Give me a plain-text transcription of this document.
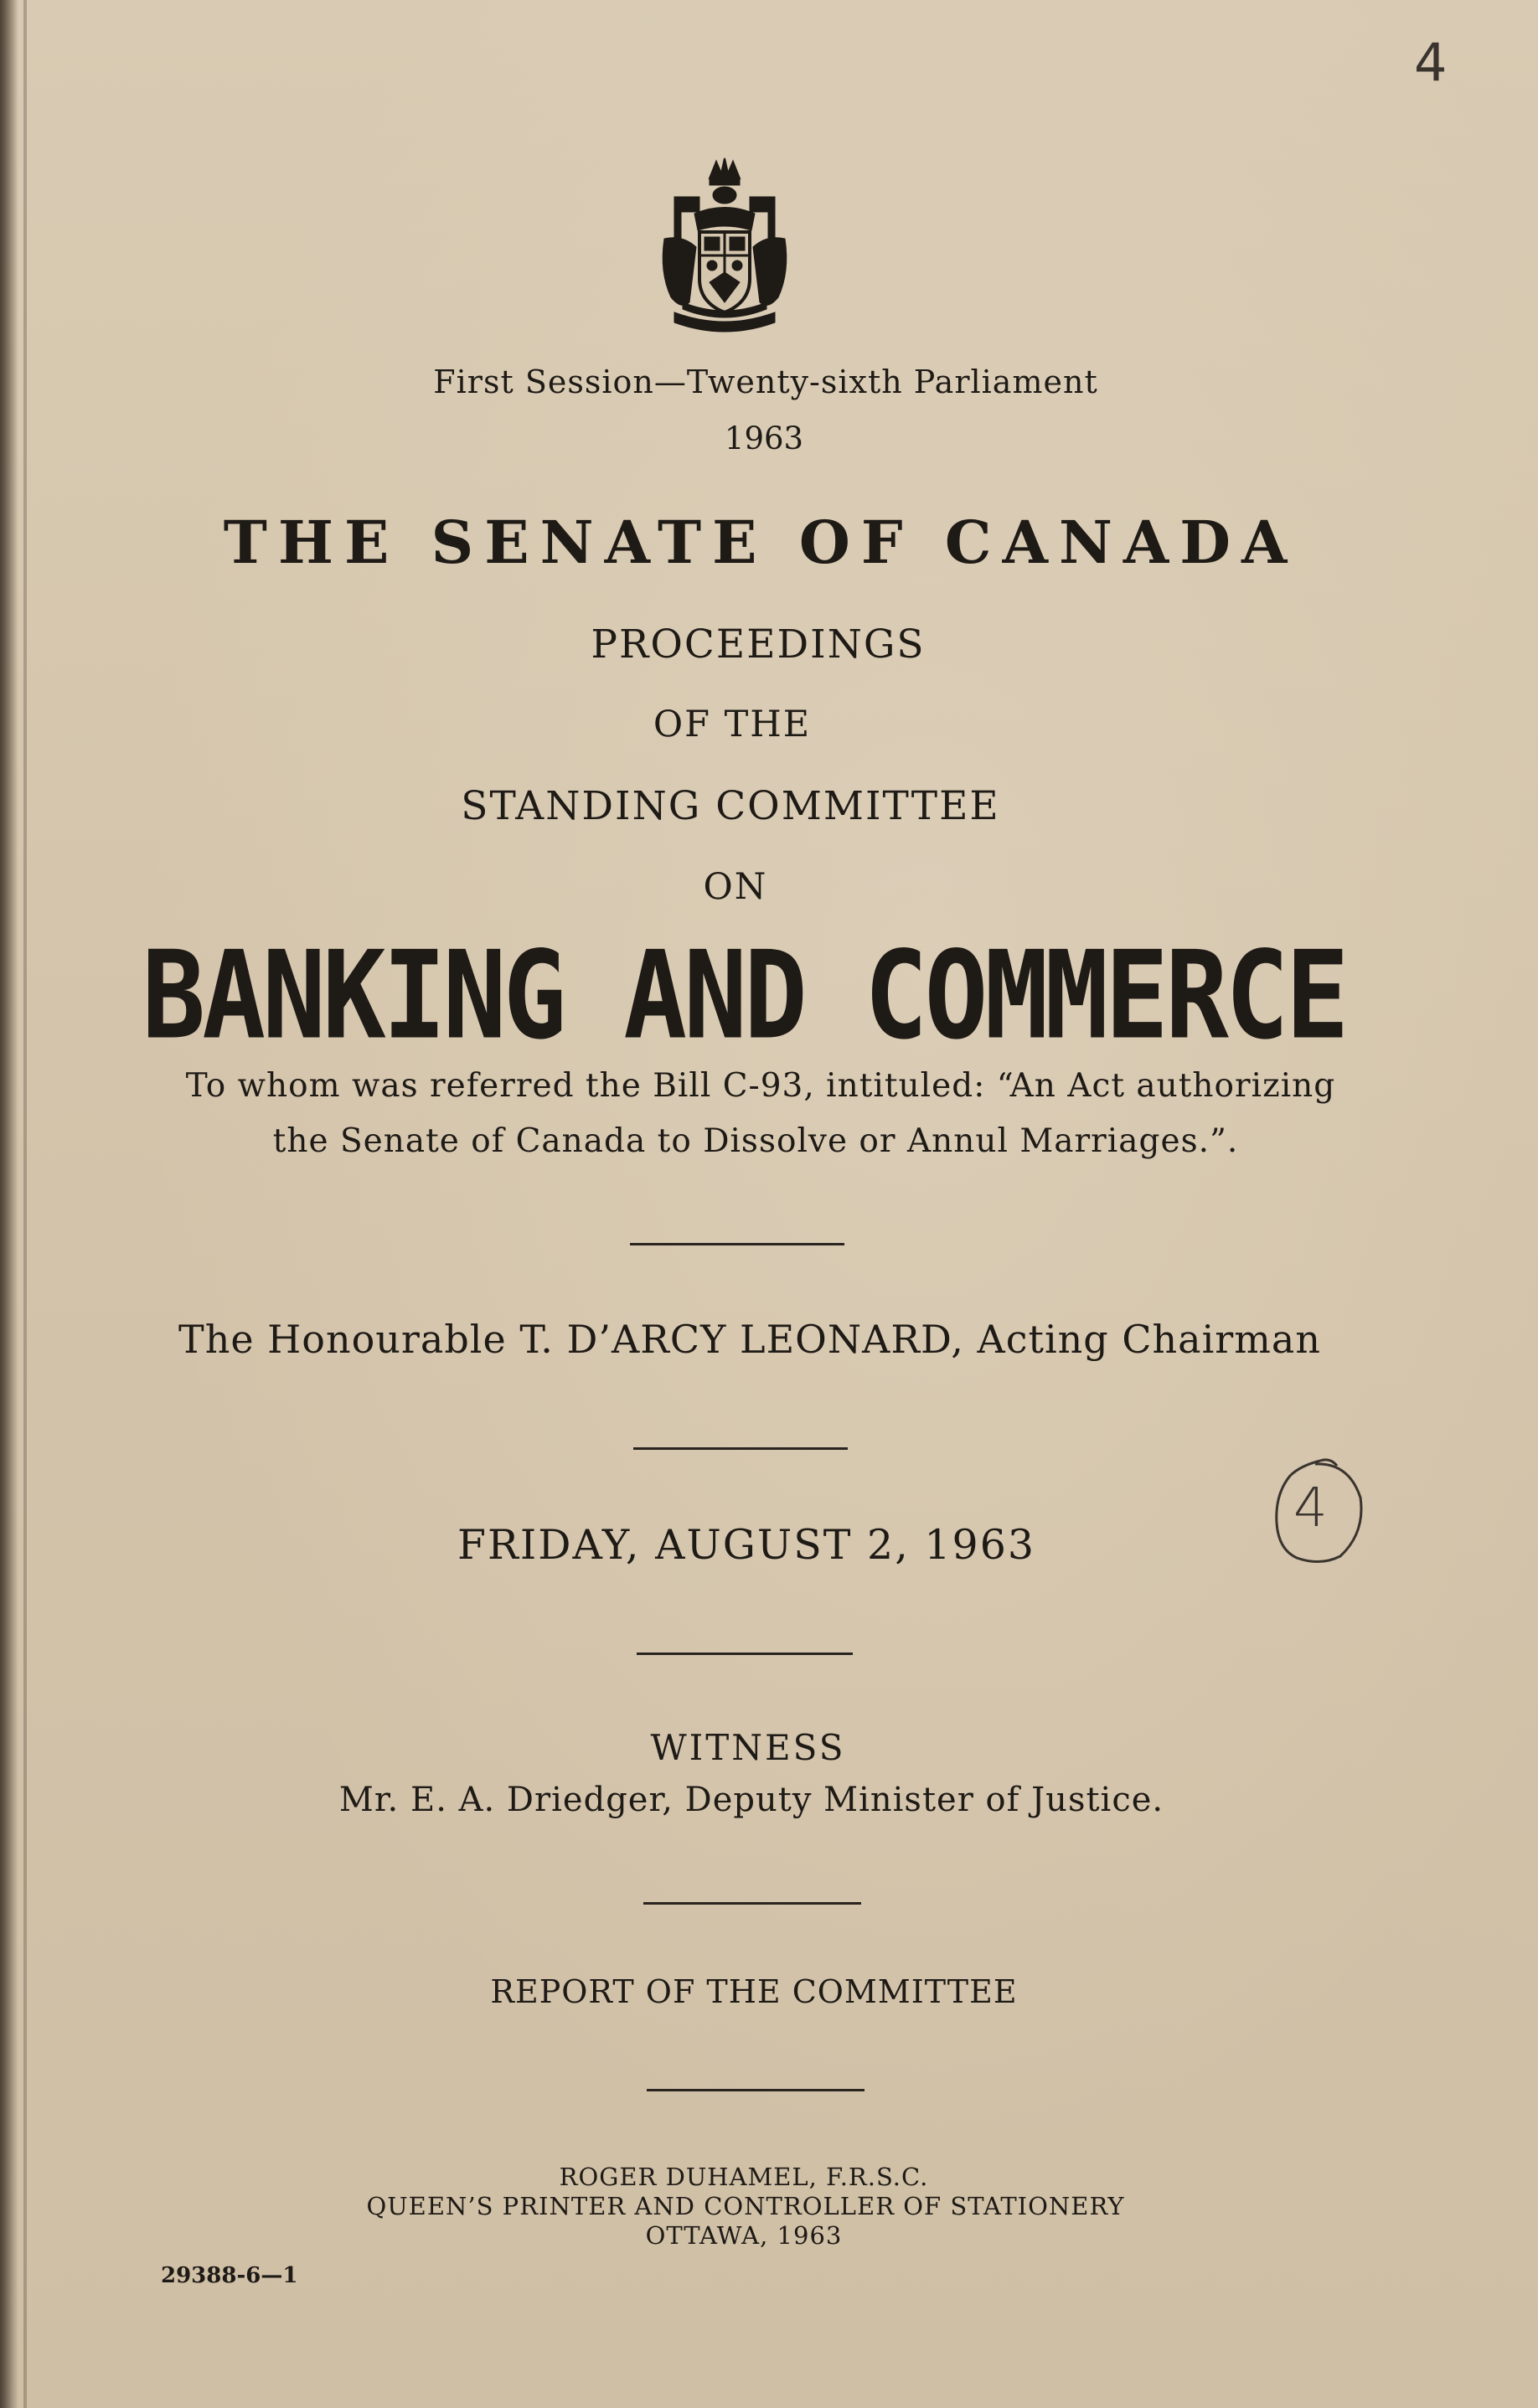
4
First Session—Twenty-sixth Parliament
1963
THE SENATE OF CANADA
PROCEEDINGS
OF THE
STANDING COMMITTEE
ON
BANKING AND COMMERCE
To whom was referred the Bill C-93, intituled: “An Act authorizing
the Senate of Canada to Dissolve or Annul Marriages.”.
The Honourable T. D’ARCY LEONARD, Acting Chairman
FRIDAY, AUGUST 2, 1963
4
WITNESS
Mr. E. A. Driedger, Deputy Minister of Justice.
REPORT OF THE COMMITTEE
ROGER DUHAMEL, F.R.S.C.
QUEEN’S PRINTER AND CONTROLLER OF STATIONERY
OTTAWA, 1963
29388-6—1
